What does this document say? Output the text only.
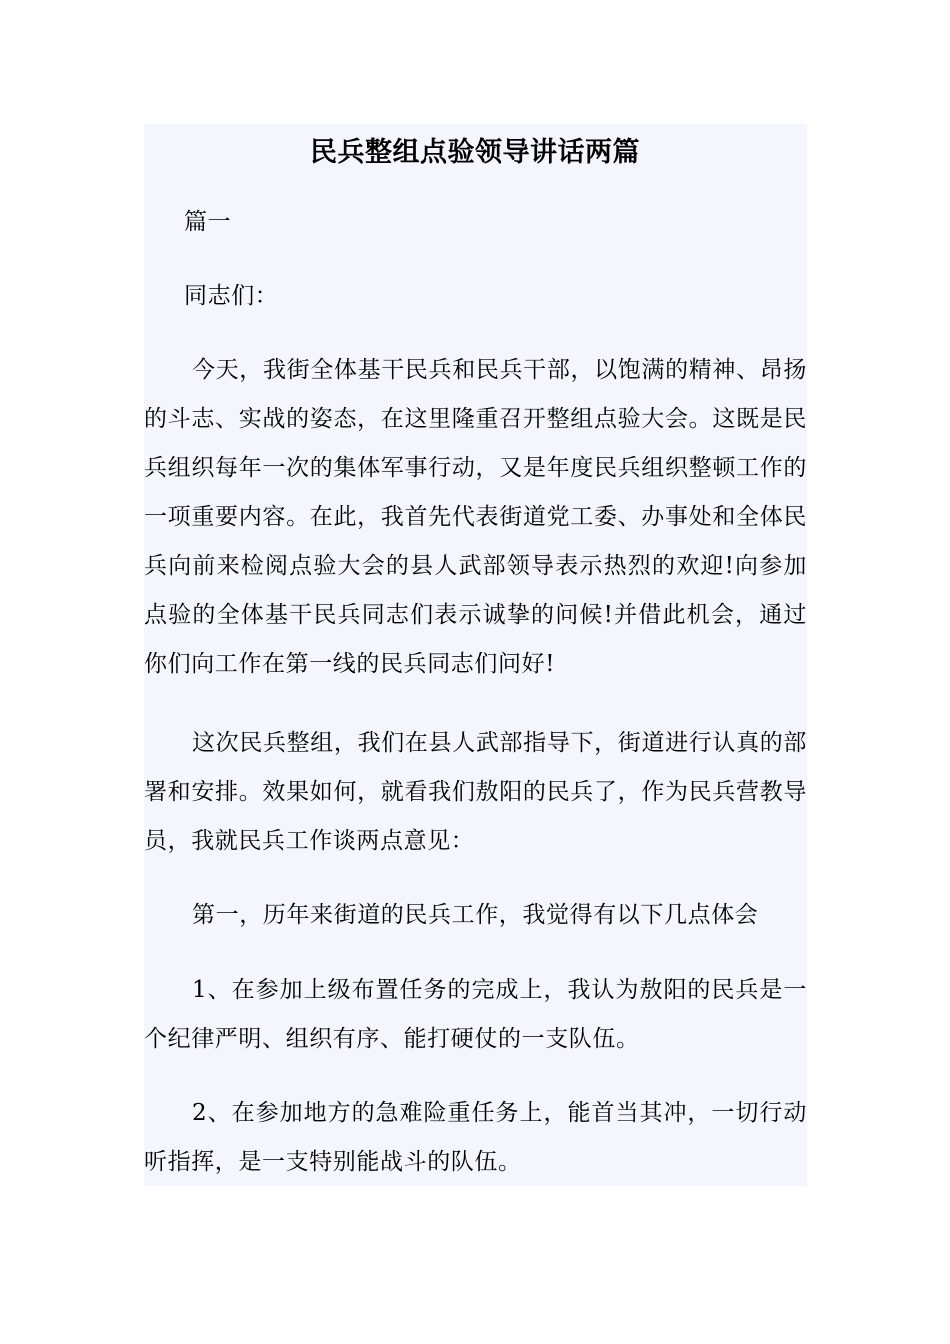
民兵整组点验领导讲话两篇

篇一

同志们：

今天，我街全体基干民兵和民兵干部，以饱满的精神、昂扬的斗志、实战的姿态，在这里隆重召开整组点验大会。这既是民兵组织每年一次的集体军事行动，又是年度民兵组织整顿工作的一项重要内容。在此，我首先代表街道党工委、办事处和全体民兵向前来检阅点验大会的县人武部领导表示热烈的欢迎!向参加点验的全体基干民兵同志们表示诚挚的问候!并借此机会，通过你们向工作在第一线的民兵同志们问好!

这次民兵整组，我们在县人武部指导下，街道进行认真的部署和安排。效果如何，就看我们敖阳的民兵了，作为民兵营教导员，我就民兵工作谈两点意见：

第一，历年来街道的民兵工作，我觉得有以下几点体会

1、在参加上级布置任务的完成上，我认为敖阳的民兵是一个纪律严明、组织有序、能打硬仗的一支队伍。

2、在参加地方的急难险重任务上，能首当其冲，一切行动听指挥，是一支特别能战斗的队伍。
